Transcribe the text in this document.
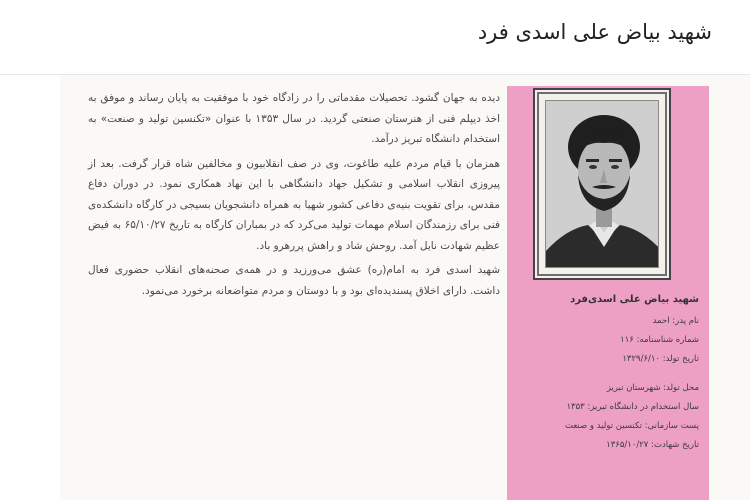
شهید بیاض علی اسدی فرد

دیده به جهان گشود. تحصیلات مقدماتی را در زادگاه خود با موفقیت به پایان رساند و موفق به اخذ دیپلم فنی از هنرستان صنعتی گردید. در سال ۱۳۵۳ با عنوان «تکنسین تولید و صنعت» به استخدام دانشگاه تبریز درآمد.

همزمان با قیام مردم علیه طاغوت، وی در صف انقلابیون و مخالفین شاه قرار گرفت. بعد از پیروزی انقلاب اسلامی و تشکیل جهاد دانشگاهی با این نهاد همکاری نمود. در دوران دفاع مقدس، برای تقویت بنیه‌ی دفاعی کشور شهیا به همراه دانشجویان بسیجی در کارگاه دانشکده‌ی فنی برای رزمندگان اسلام مهمات تولید می‌کرد که در بمباران کارگاه به تاریخ ۶۵/۱۰/۲۷ به فیض عظیم شهادت نایل آمد. روحش شاد و راهش پررهرو باد.

شهید اسدی فرد به امام(ره) عشق می‌ورزید و در همه‌ی صحنه‌های انقلاب حضوری فعال داشت. دارای اخلاق پسندیده‌ای بود و با دوستان و مردم متواضعانه برخورد می‌نمود.

شهید بیاض علی اسدی‌فرد
نام پدر: احمد
شماره شناسنامه: ۱۱۶
تاریخ تولد: ۱۳۲۹/۶/۱۰
محل تولد: شهرستان تبریز
سال استخدام در دانشگاه تبریز: ۱۳۵۳
پست سازمانی: تکنسین تولید و صنعت
تاریخ شهادت: ۱۳۶۵/۱۰/۲۷
